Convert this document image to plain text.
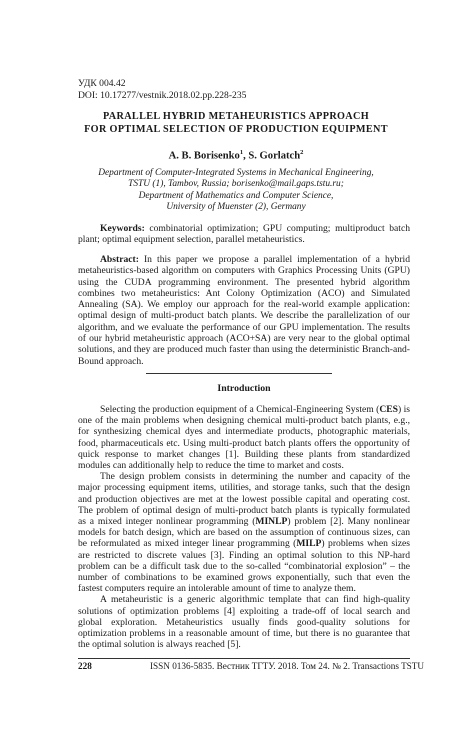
УДК 004.42
DOI: 10.17277/vestnik.2018.02.pp.228-235
PARALLEL HYBRID METAHEURISTICS APPROACH
FOR OPTIMAL SELECTION OF PRODUCTION EQUIPMENT
A. B. Borisenko$^1$, S. Gorlatch$^2$
Department of Computer-Integrated Systems in Mechanical Engineering,
TSTU (1), Tambov, Russia; borisenko@mail.gaps.tstu.ru;
Department of Mathematics and Computer Science,
University of Muenster (2), Germany
Keywords: combinatorial optimization; GPU computing; multiproduct batch plant; optimal equipment selection, parallel metaheuristics.
Abstract: In this paper we propose a parallel implementation of a hybrid metaheuristics-based algorithm on computers with Graphics Processing Units (GPU) using the CUDA programming environment. The presented hybrid algorithm combines two metaheuristics: Ant Colony Optimization (ACO) and Simulated Annealing (SA). We employ our approach for the real-world example application: optimal design of multi-product batch plants. We describe the parallelization of our algorithm, and we evaluate the performance of our GPU implementation. The results of our hybrid metaheuristic approach (ACO+SA) are very near to the global optimal solutions, and they are produced much faster than using the deterministic Branch-and-Bound approach.
Introduction

Selecting the production equipment of a Chemical-Engineering System (CES) is one of the main problems when designing chemical multi-product batch plants, e.g., for synthesizing chemical dyes and intermediate products, photographic materials, food, pharmaceuticals etc. Using multi-product batch plants offers the opportunity of quick response to market changes [1]. Building these plants from standardized modules can additionally help to reduce the time to market and costs.

The design problem consists in determining the number and capacity of the major processing equipment items, utilities, and storage tanks, such that the design and production objectives are met at the lowest possible capital and operating cost. The problem of optimal design of multi-product batch plants is typically formulated as a mixed integer nonlinear programming (MINLP) problem [2]. Many nonlinear models for batch design, which are based on the assumption of continuous sizes, can be reformulated as mixed integer linear programming (MILP) problems when sizes are restricted to discrete values [3]. Finding an optimal solution to this NP-hard problem can be a difficult task due to the so-called “combinatorial explosion” – the number of combinations to be examined grows exponentially, such that even the fastest computers require an intolerable amount of time to analyze them.

A metaheuristic is a generic algorithmic template that can find high-quality solutions of optimization problems [4] exploiting a trade-off of local search and global exploration. Metaheuristics usually finds good-quality solutions for optimization problems in a reasonable amount of time, but there is no guarantee that the optimal solution is always reached [5].

228	ISSN 0136-5835. Вестник ТГТУ. 2018. Том 24. № 2. Transactions TSTU
